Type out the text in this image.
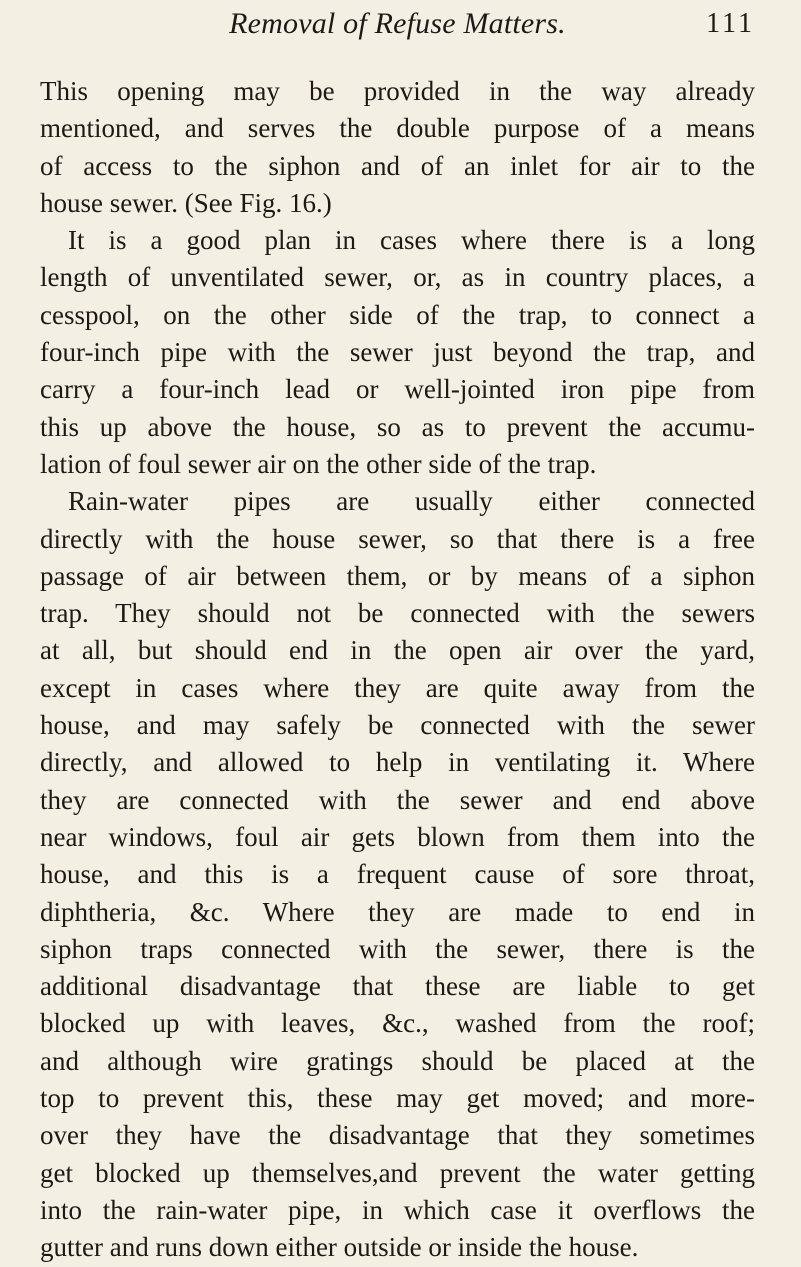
Removal of Refuse Matters.	111
This opening may be provided in the way already
mentioned, and serves the double purpose of a means
of access to the siphon and of an inlet for air to the
house sewer. (See Fig. 16.)
It is a good plan in cases where there is a long
length of unventilated sewer, or, as in country places, a
cesspool, on the other side of the trap, to connect a
four-inch pipe with the sewer just beyond the trap, and
carry a four-inch lead or well-jointed iron pipe from
this up above the house, so as to prevent the accumu-
lation of foul sewer air on the other side of the trap.
Rain-water pipes are usually either connected
directly with the house sewer, so that there is a free
passage of air between them, or by means of a siphon
trap. They should not be connected with the sewers
at all, but should end in the open air over the yard,
except in cases where they are quite away from the
house, and may safely be connected with the sewer
directly, and allowed to help in ventilating it. Where
they are connected with the sewer and end above
near windows, foul air gets blown from them into the
house, and this is a frequent cause of sore throat,
diphtheria, &c. Where they are made to end in
siphon traps connected with the sewer, there is the
additional disadvantage that these are liable to get
blocked up with leaves, &c., washed from the roof;
and although wire gratings should be placed at the
top to prevent this, these may get moved; and more-
over they have the disadvantage that they sometimes
get blocked up themselves,and prevent the water getting
into the rain-water pipe, in which case it overflows the
gutter and runs down either outside or inside the house.
